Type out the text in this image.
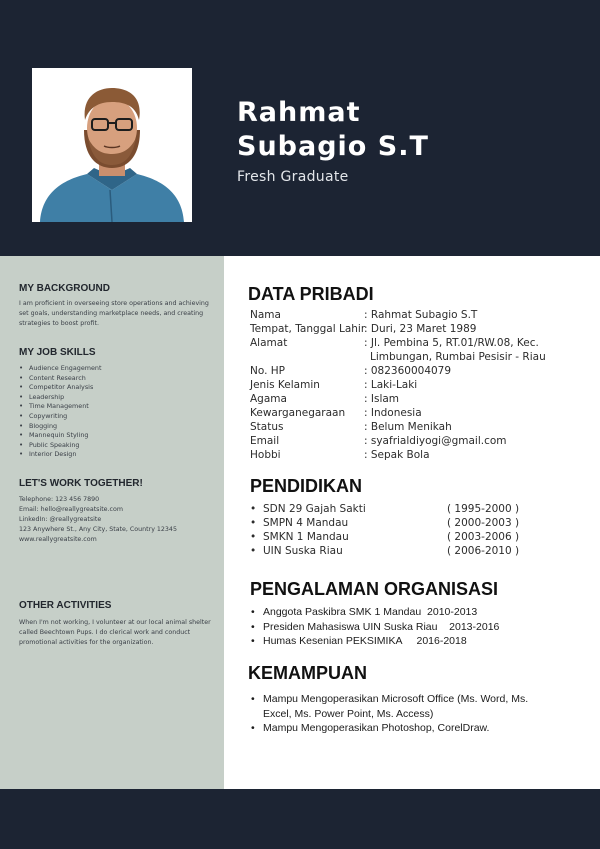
Rahmat
Subagio S.T
Fresh Graduate
MY BACKGROUND
I am proficient in overseeing store operations and achieving set goals, understanding marketplace needs, and creating strategies to boost profit.
MY JOB SKILLS
• Audience Engagement
• Content Research
• Competitor Analysis
• Leadership
• Time Management
• Copywriting
• Blogging
• Mannequin Styling
• Public Speaking
• Interior Design
LET'S WORK TOGETHER!
Telephone: 123 456 7890
Email: hello@reallygreatsite.com
LinkedIn: @reallygreatsite
123 Anywhere St., Any City, State, Country 12345
www.reallygreatsite.com
OTHER ACTIVITIES
When I'm not working, I volunteer at our local animal shelter called Beechtown Pups. I do clerical work and conduct promotional activities for the organization.
DATA PRIBADI
Nama	: Rahmat Subagio S.T
Tempat, Tanggal Lahir
: Duri, 23 Maret 1989
Alamat	: Jl. Pembina 5, RT.01/RW.08, Kec.
Limbungan, Rumbai Pesisir - Riau
No. HP	: 082360004079
Jenis Kelamin	: Laki-Laki
Agama	: Islam
Kewarganegaraan : Indonesia
Status	: Belum Menikah
Email	: syafrialdiyogi@gmail.com
Hobbi	: Sepak Bola
PENDIDIKAN
• SDN 29 Gajah Sakti	( 1995-2000 )
• SMPN 4 Mandau	( 2000-2003 )
• SMKN 1 Mandau	( 2003-2006 )
• UIN Suska Riau	( 2006-2010 )
PENGALAMAN ORGANISASI
• Anggota Paskibra SMK 1 Mandau  2010-2013
• Presiden Mahasiswa UIN Suska Riau    2013-2016
• Humas Kesenian PEKSIMIKA     2016-2018
KEMAMPUAN
• Mampu Mengoperasikan Microsoft Office (Ms. Word, Ms. Excel, Ms. Power Point, Ms. Access)
• Mampu Mengoperasikan Photoshop, CorelDraw.
